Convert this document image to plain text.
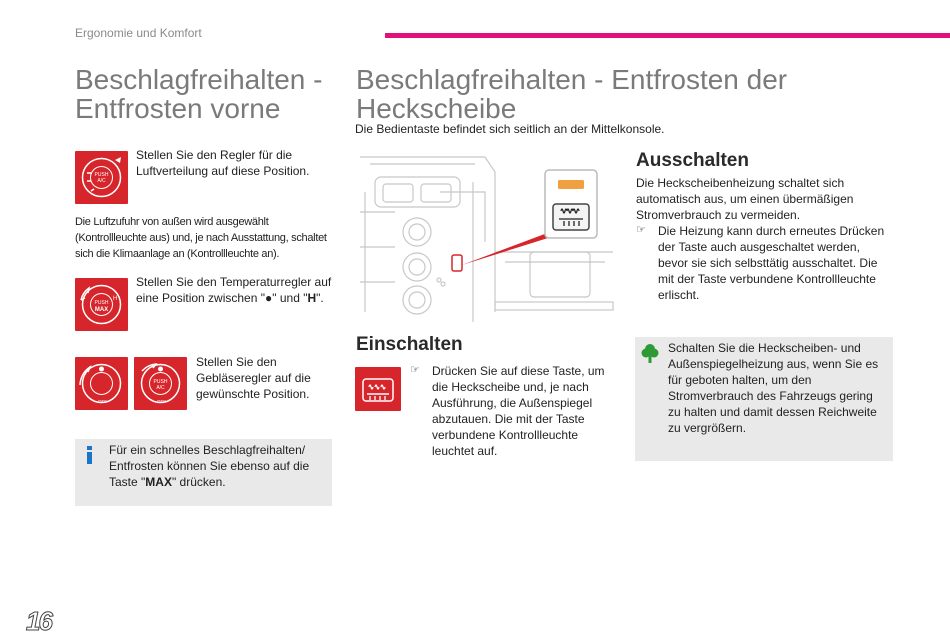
Ergonomie und Komfort
Beschlagfreihalten - Entfrosten vorne
PUSH
A/C
Stellen Sie den Regler für die Luftverteilung auf diese Position.
Die Luftzufuhr von außen wird ausgewählt (Kontrollleuchte aus) und, je nach Ausstattung, schaltet sich die Klimaanlage an (Kontrollleuchte an).
PUSH
MAX
H
Stellen Sie den Temperaturregler auf eine Position zwischen "●" und "H".
OFF
PUSH
A/C
OFF
Stellen Sie den Gebläseregler auf die gewünschte Position.
Für ein schnelles Beschlagfreihalten/ Entfrosten können Sie ebenso auf die Taste "MAX" drücken.
Beschlagfreihalten - Entfrosten der Heckscheibe
Die Bedientaste befindet sich seitlich an der Mittelkonsole.
Einschalten
☞	Drücken Sie auf diese Taste, um die Heckscheibe und, je nach Ausführung, die Außenspiegel abzutauen. Die mit der Taste verbundene Kontrollleuchte leuchtet auf.
Ausschalten
Die Heckscheibenheizung schaltet sich automatisch aus, um einen übermäßigen Stromverbrauch zu vermeiden.
☞	Die Heizung kann durch erneutes Drücken der Taste auch ausgeschaltet werden, bevor sie sich selbsttätig ausschaltet. Die mit der Taste verbundene Kontrollleuchte erlischt.
Schalten Sie die Heckscheiben- und Außenspiegelheizung aus, wenn Sie es für geboten halten, um den Stromverbrauch des Fahrzeugs gering zu halten und damit dessen Reichweite zu vergrößern.
16
